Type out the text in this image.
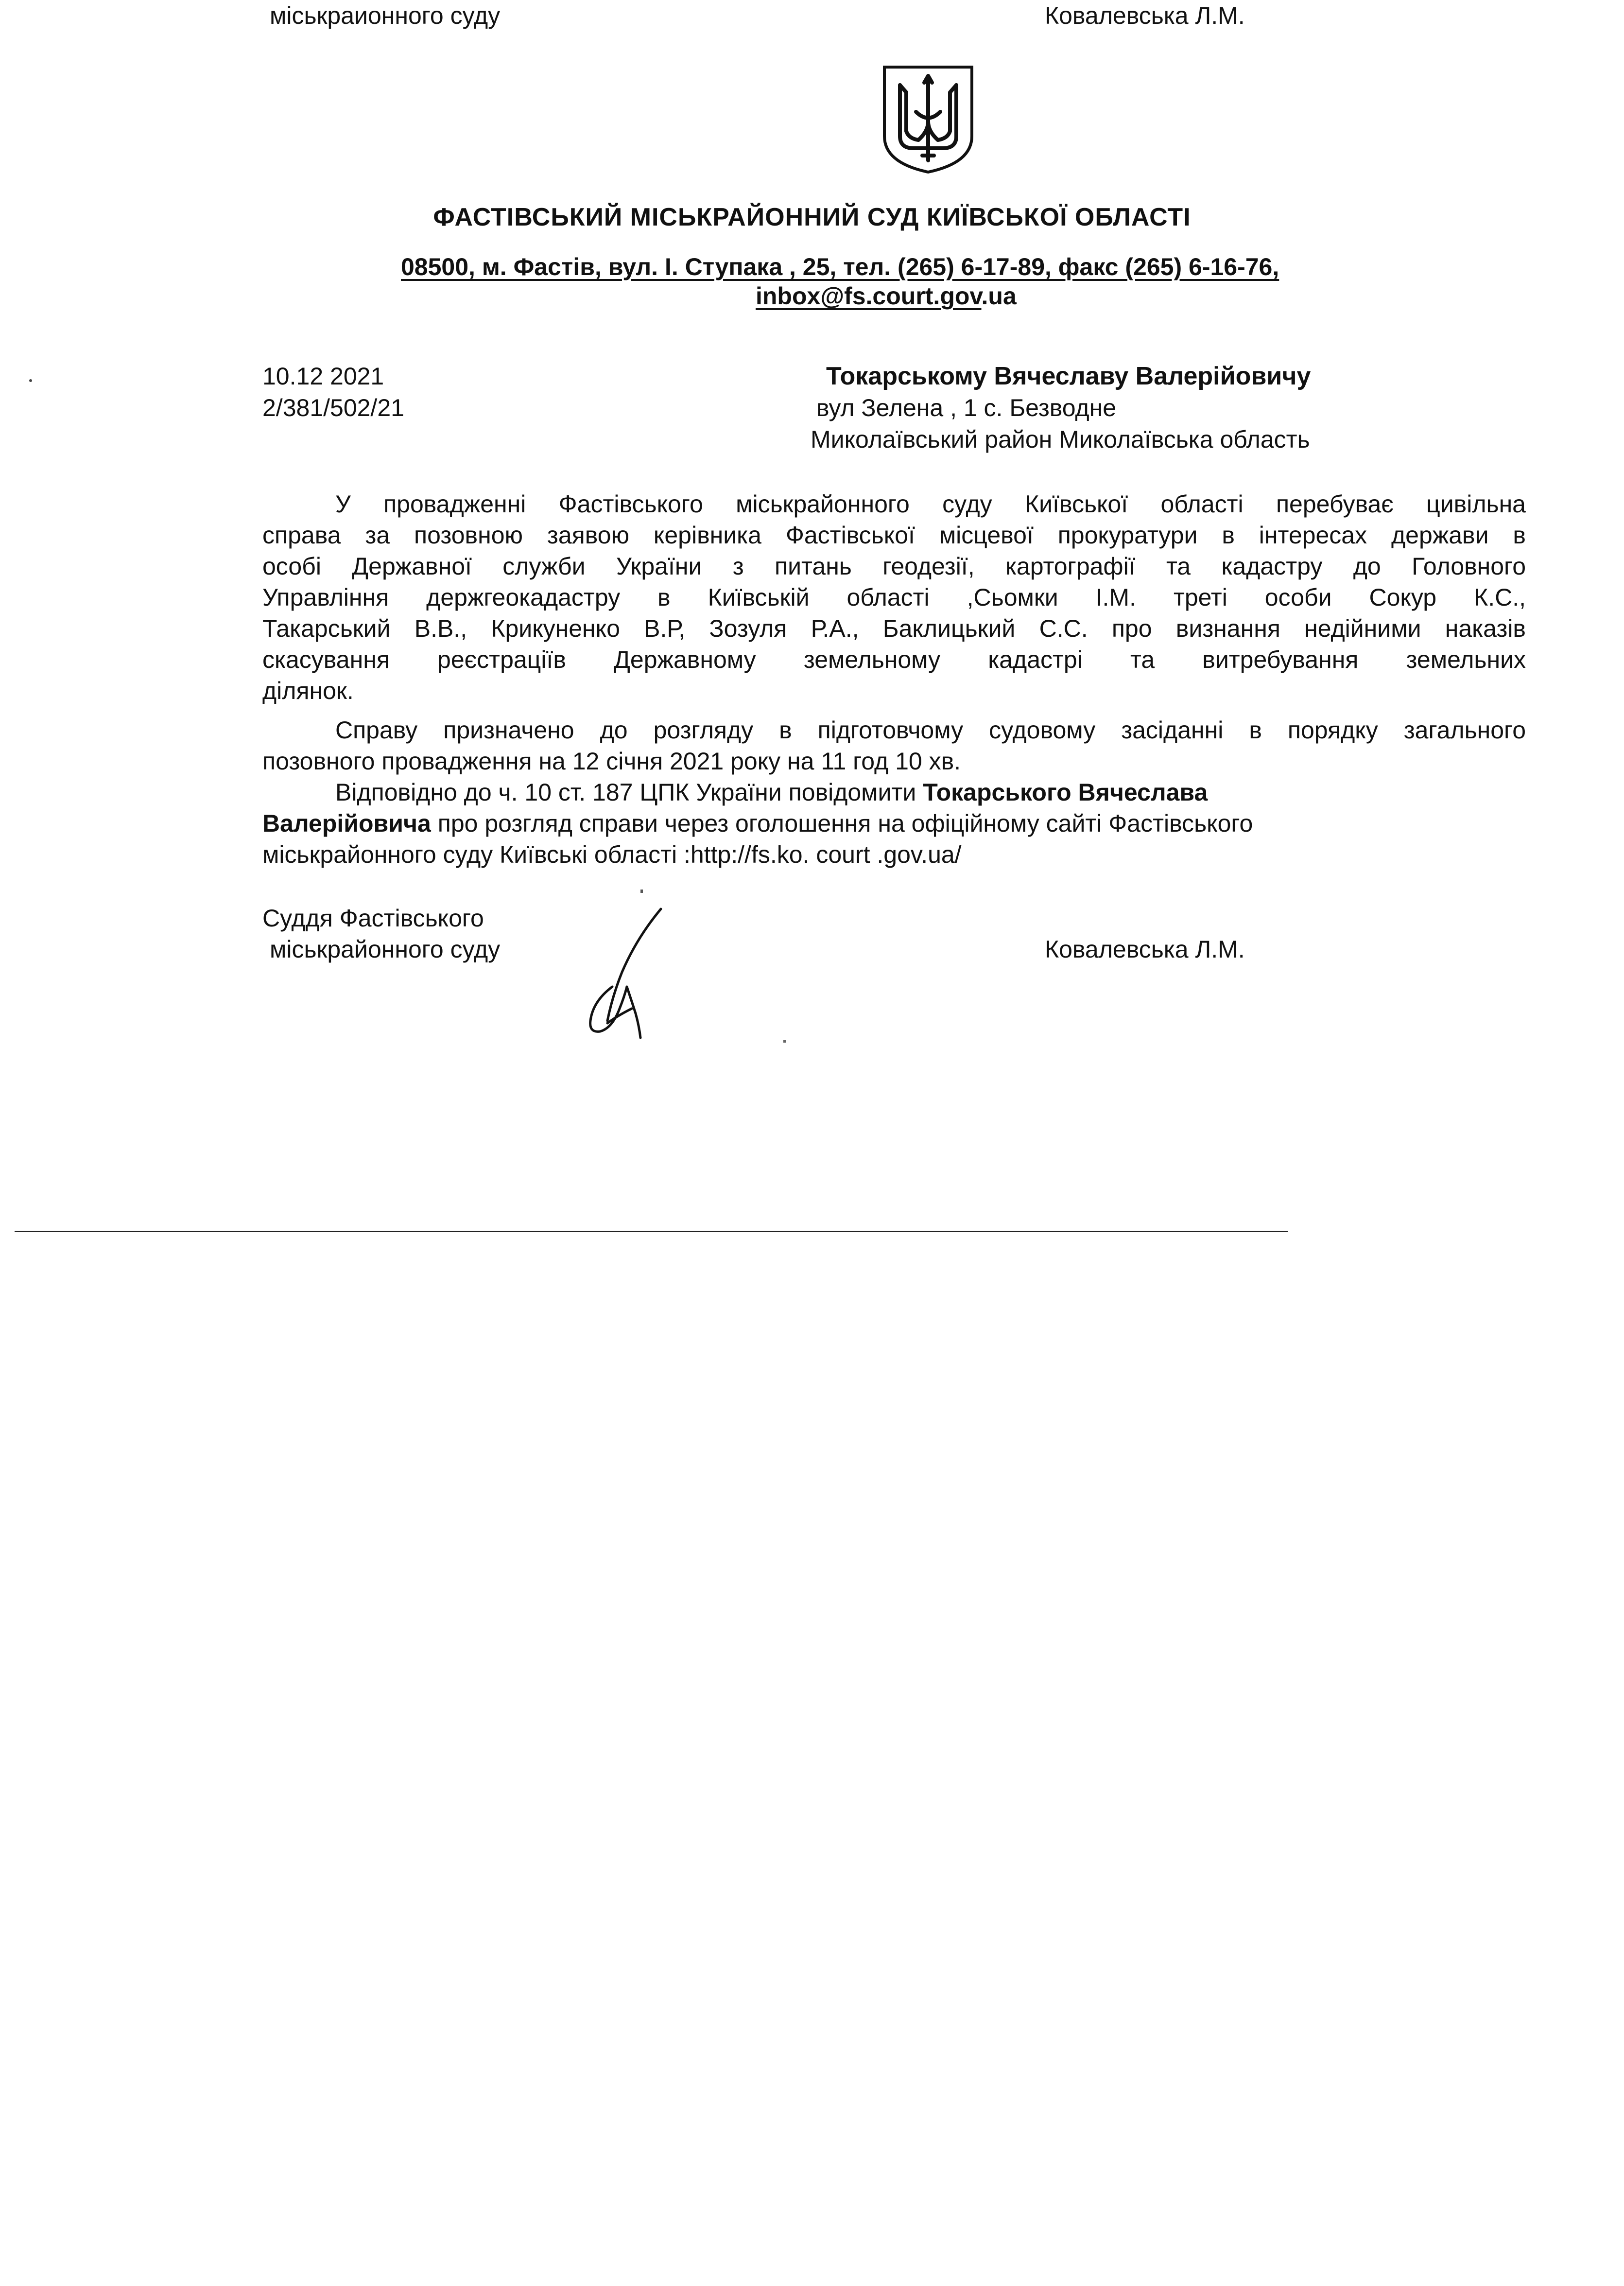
міськраионного суду	Ковалевська Л.М.
ФАСТІВСЬКИЙ МІСЬКРАЙОННИЙ СУД КИЇВСЬКОЇ ОБЛАСТІ
08500, м. Фастів, вул. І. Ступака , 25, тел. (265) 6-17-89, факс (265) 6-16-76,
inbox@fs.court.gov.ua
10.12 2021
2/381/502/21
Токарському Вячеславу Валерійовичу
вул Зелена , 1 с. Безводне
Миколаївський район Миколаївська область
У провадженні Фастівського міськрайонного суду Київської області перебуває цивільна
справа за позовною заявою керівника Фастівської місцевої прокуратури в інтересах держави в
особі Державної служби України з питань геодезії, картографії та кадастру до Головного
Управління держгеокадастру в Київській області ,Сьомки І.М. треті особи Сокур К.С.,
Такарський В.В., Крикуненко В.Р, Зозуля Р.А., Баклицький С.С. про визнання недійними наказів
скасування реєстраціїв Державному земельному кадастрі та витребування земельних
ділянок.
Справу призначено до розгляду в підготовчому судовому засіданні в порядку загального
позовного провадження на 12 січня 2021 року на 11 год 10 хв.
Відповідно до ч. 10 ст. 187 ЦПК України повідомити Токарського Вячеслава
Валерійовича про розгляд справи через оголошення на офіційному сайті Фастівського
міськрайонного суду Київські області :http://fs.ko. court .gov.ua/
Суддя Фастівського
міськрайонного суду	Ковалевська Л.М.
